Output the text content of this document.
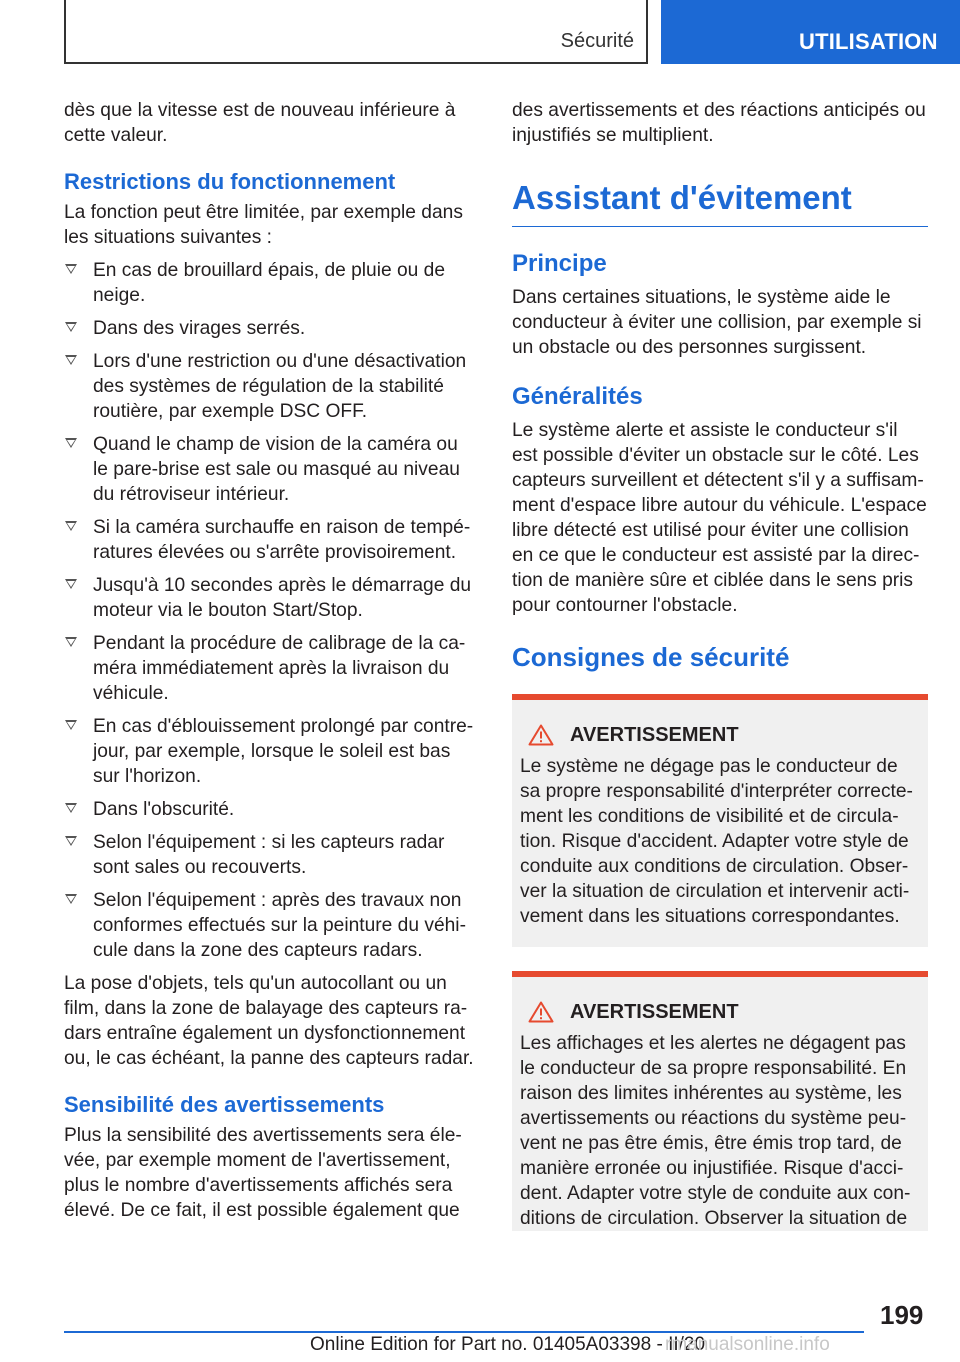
Sécurité	UTILISATION

dès que la vitesse est de nouveau inférieure à cette valeur.

Restrictions du fonctionnement

La fonction peut être limitée, par exemple dans les situations suivantes :

En cas de brouillard épais, de pluie ou de neige.
Dans des virages serrés.
Lors d'une restriction ou d'une désactivation des systèmes de régulation de la stabilité routière, par exemple DSC OFF.
Quand le champ de vision de la caméra ou le pare-brise est sale ou masqué au niveau du rétroviseur intérieur.
Si la caméra surchauffe en raison de températures élevées ou s'arrête provisoirement.
Jusqu'à 10 secondes après le démarrage du moteur via le bouton Start/Stop.
Pendant la procédure de calibrage de la caméra immédiatement après la livraison du véhicule.
En cas d'éblouissement prolongé par contre-jour, par exemple, lorsque le soleil est bas sur l'horizon.
Dans l'obscurité.
Selon l'équipement : si les capteurs radar sont sales ou recouverts.
Selon l'équipement : après des travaux non conformes effectués sur la peinture du véhicule dans la zone des capteurs radars.

La pose d'objets, tels qu'un autocollant ou un film, dans la zone de balayage des capteurs radars entraîne également un dysfonctionnement ou, le cas échéant, la panne des capteurs radar.

Sensibilité des avertissements

Plus la sensibilité des avertissements sera élevée, par exemple moment de l'avertissement, plus le nombre d'avertissements affichés sera élevé. De ce fait, il est possible également que

des avertissements et des réactions anticipés ou injustifiés se multiplient.

Assistant d'évitement
Principe

Dans certaines situations, le système aide le conducteur à éviter une collision, par exemple si un obstacle ou des personnes surgissent.

Généralités

Le système alerte et assiste le conducteur s'il est possible d'éviter un obstacle sur le côté. Les capteurs surveillent et détectent s'il y a suffisamment d'espace libre autour du véhicule. L'espace libre détecté est utilisé pour éviter une collision en ce que le conducteur est assisté par la direction de manière sûre et ciblée dans le sens pris pour contourner l'obstacle.

Consignes de sécurité
AVERTISSEMENT
Le système ne dégage pas le conducteur de sa propre responsabilité d'interpréter correctement les conditions de visibilité et de circulation. Risque d'accident. Adapter votre style de conduite aux conditions de circulation. Observer la situation de circulation et intervenir activement dans les situations correspondantes.
AVERTISSEMENT
Les affichages et les alertes ne dégagent pas le conducteur de sa propre responsabilité. En raison des limites inhérentes au système, les avertissements ou réactions du système peuvent ne pas être émis, être émis trop tard, de manière erronée ou injustifiée. Risque d'accident. Adapter votre style de conduite aux conditions de circulation. Observer la situation de
199
Online Edition for Part no. 01405A03398 - II/20
rmanualsonline.info
